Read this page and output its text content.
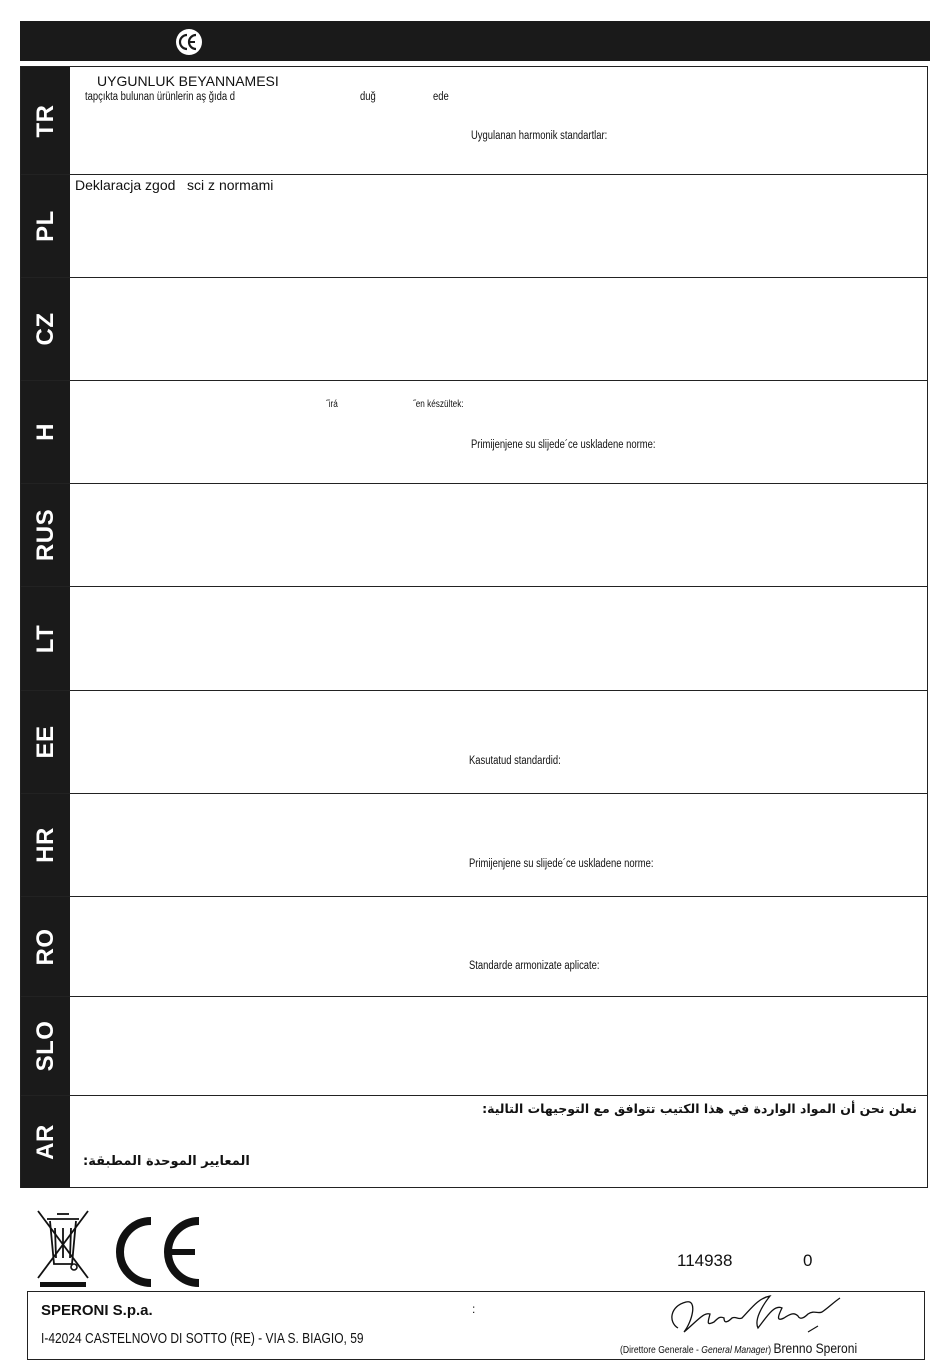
TR
UYGUNLUK BEYANNAMESI
tapçıkta bulunan ürünlerin aş ğıda d	duğ	ede
Uygulanan harmonik standartlar:
PL
Deklaracja zgod   sci z normami
CZ
H
˝irá	˝en készültek:
Primijenjene su slijede´ce uskladene norme:
RUS
LT
EE
Kasutatud standardid:
HR
Primijenjene su slijede´ce uskladene norme:
RO
Standarde armonizate aplicate:
SLO
AR
نعلن نحن أن المواد الواردة في هذا الكتيب تتوافق مع التوجيهات التالية:
المعايير الموحدة المطبقة:
114938	0
SPERONI S.p.a.
I-42024 CASTELNOVO DI SOTTO (RE) - VIA S. BIAGIO, 59
:
(Direttore Generale - General Manager) Brenno Speroni
